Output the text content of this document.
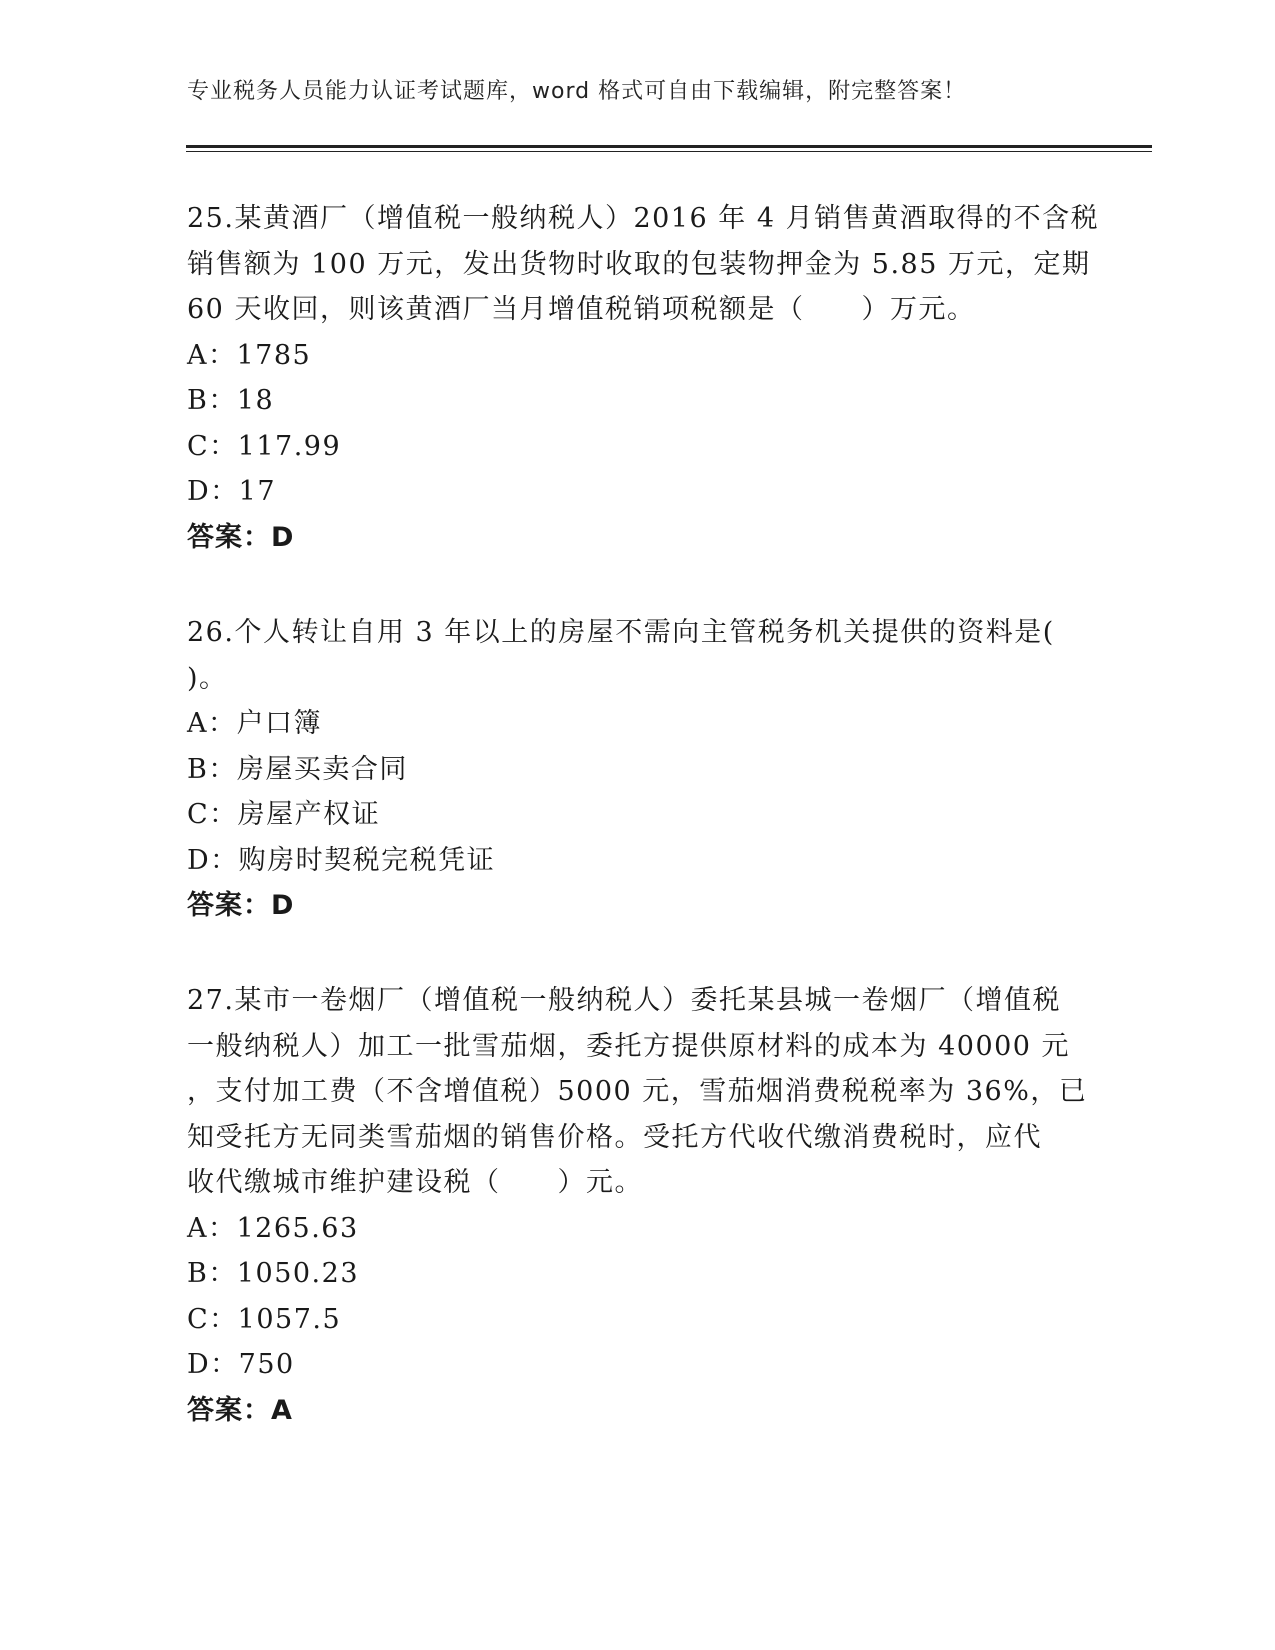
专业税务人员能力认证考试题库，word 格式可自由下载编辑，附完整答案！
25.某黄酒厂（增值税一般纳税人）2016 年 4 月销售黄酒取得的不含税
销售额为 100 万元，发出货物时收取的包装物押金为 5.85 万元，定期
60 天收回，则该黄酒厂当月增值税销项税额是（　　）万元。
A：1785
B：18
C：117.99
D：17
答案：D
26.个人转让自用 3 年以上的房屋不需向主管税务机关提供的资料是(
)。
A：户口簿
B：房屋买卖合同
C：房屋产权证
D：购房时契税完税凭证
答案：D
27.某市一卷烟厂（增值税一般纳税人）委托某县城一卷烟厂（增值税
一般纳税人）加工一批雪茄烟，委托方提供原材料的成本为 40000 元
，支付加工费（不含增值税）5000 元，雪茄烟消费税税率为 36%，已
知受托方无同类雪茄烟的销售价格。受托方代收代缴消费税时，应代
收代缴城市维护建设税（　　）元。
A：1265.63
B：1050.23
C：1057.5
D：750
答案：A
